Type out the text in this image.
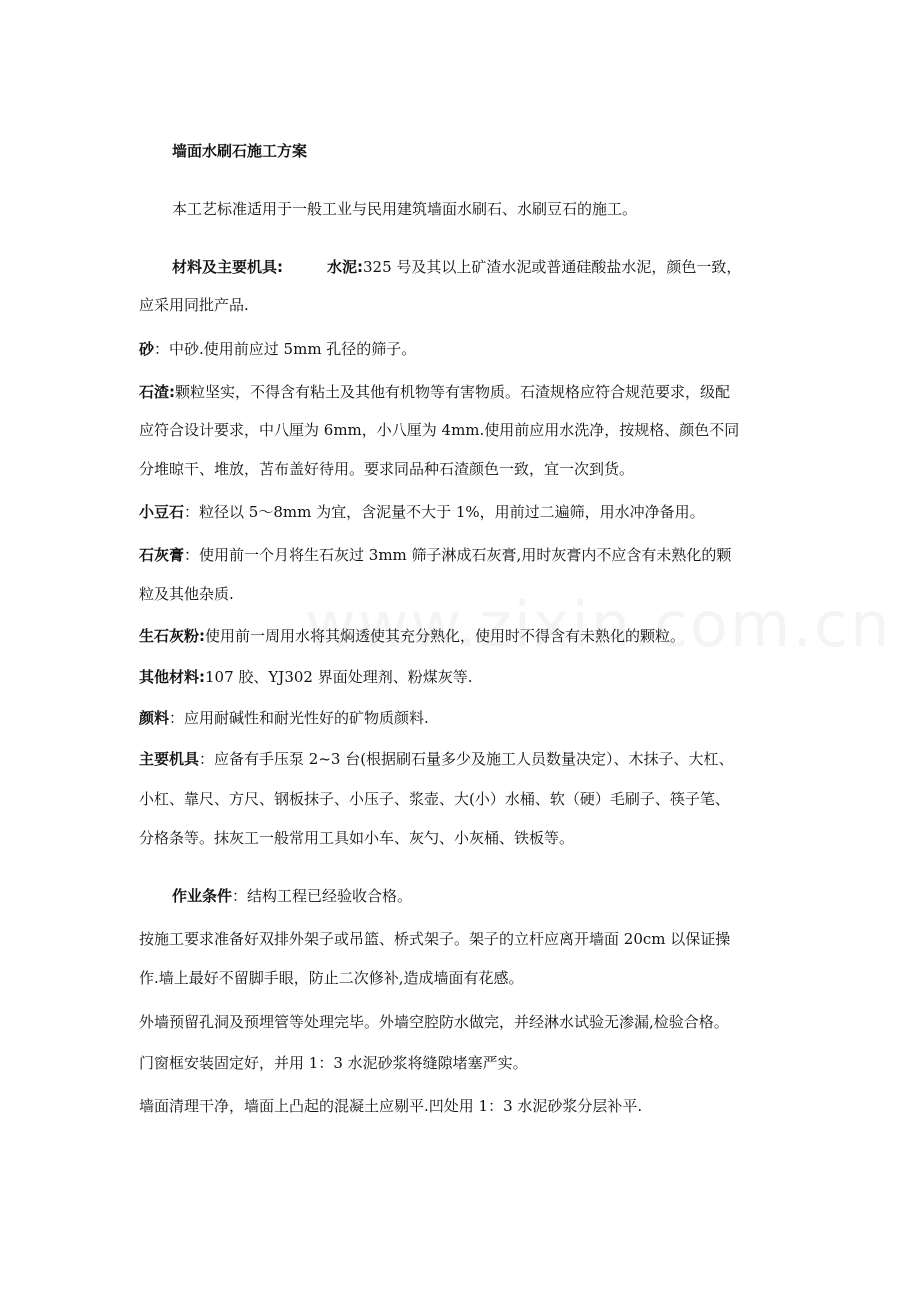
墙面水刷石施工方案
本工艺标准适用于一般工业与民用建筑墙面水刷石、水刷豆石的施工。
材料及主要机具:	水泥:325 号及其以上矿渣水泥或普通硅酸盐水泥，颜色一致，
应采用同批产品.
砂：中砂.使用前应过 5mm 孔径的筛子。
石渣:颗粒坚实，不得含有粘土及其他有机物等有害物质。石渣规格应符合规范要求，级配
应符合设计要求，中八厘为 6mm，小八厘为 4mm.使用前应用水洗净，按规格、颜色不同
分堆晾干、堆放，苫布盖好待用。要求同品种石渣颜色一致，宜一次到货。
小豆石：粒径以 5～8mm 为宜，含泥量不大于 1%，用前过二遍筛，用水冲净备用。
石灰膏：使用前一个月将生石灰过 3mm 筛子淋成石灰膏,用时灰膏内不应含有未熟化的颗
粒及其他杂质.
生石灰粉:使用前一周用水将其焖透使其充分熟化，使用时不得含有未熟化的颗粒。
其他材料:107 胶、YJ302 界面处理剂、粉煤灰等.
颜料：应用耐碱性和耐光性好的矿物质颜料.
主要机具：应备有手压泵 2~3 台(根据刷石量多少及施工人员数量决定）、木抹子、大杠、
小杠、靠尺、方尺、钢板抹子、小压子、浆壶、大(小）水桶、软（硬）毛刷子、筷子笔、
分格条等。抹灰工一般常用工具如小车、灰勺、小灰桶、铁板等。
作业条件：结构工程已经验收合格。
按施工要求准备好双排外架子或吊篮、桥式架子。架子的立杆应离开墙面 20cm 以保证操
作.墙上最好不留脚手眼，防止二次修补,造成墙面有花感。
外墙预留孔洞及预埋管等处理完毕。外墙空腔防水做完，并经淋水试验无渗漏,检验合格。
门窗框安装固定好，并用 1：3 水泥砂浆将缝隙堵塞严实。
墙面清理干净，墙面上凸起的混凝土应剔平.凹处用 1：3 水泥砂浆分层补平.
